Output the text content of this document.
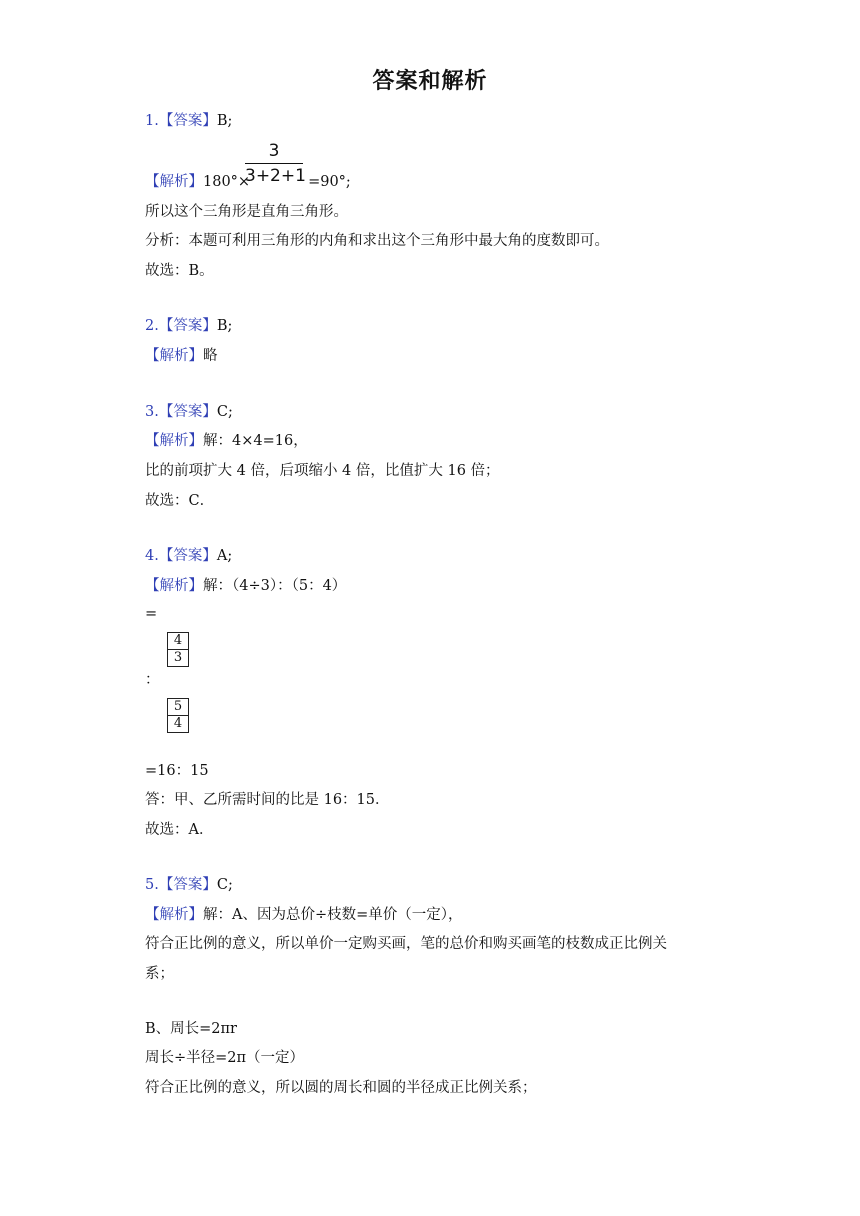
答案和解析
1.【答案】B;
3
3+2+1
【解析】180°×	=90°;
所以这个三角形是直角三角形。
分析：本题可利用三角形的内角和求出这个三角形中最大角的度数即可。
故选：B。
2.【答案】B;
【解析】略
3.【答案】C;
【解析】解：4×4=16，
比的前项扩大 4 倍，后项缩小 4 倍，比值扩大 16 倍；
故选：C．
4.【答案】A;
【解析】解：（4÷3）：（5：4）
=
$\frac{4}{3}$
：
$\frac{5}{4}$
=16：15
答：甲、乙所需时间的比是 16：15．
故选：A．
5.【答案】C;
【解析】解：A、因为总价÷枝数=单价（一定），
符合正比例的意义，所以单价一定购买画，笔的总价和购买画笔的枝数成正比例关
系；
B、周长=2πr
周长÷半径=2π（一定）
符合正比例的意义，所以圆的周长和圆的半径成正比例关系；
